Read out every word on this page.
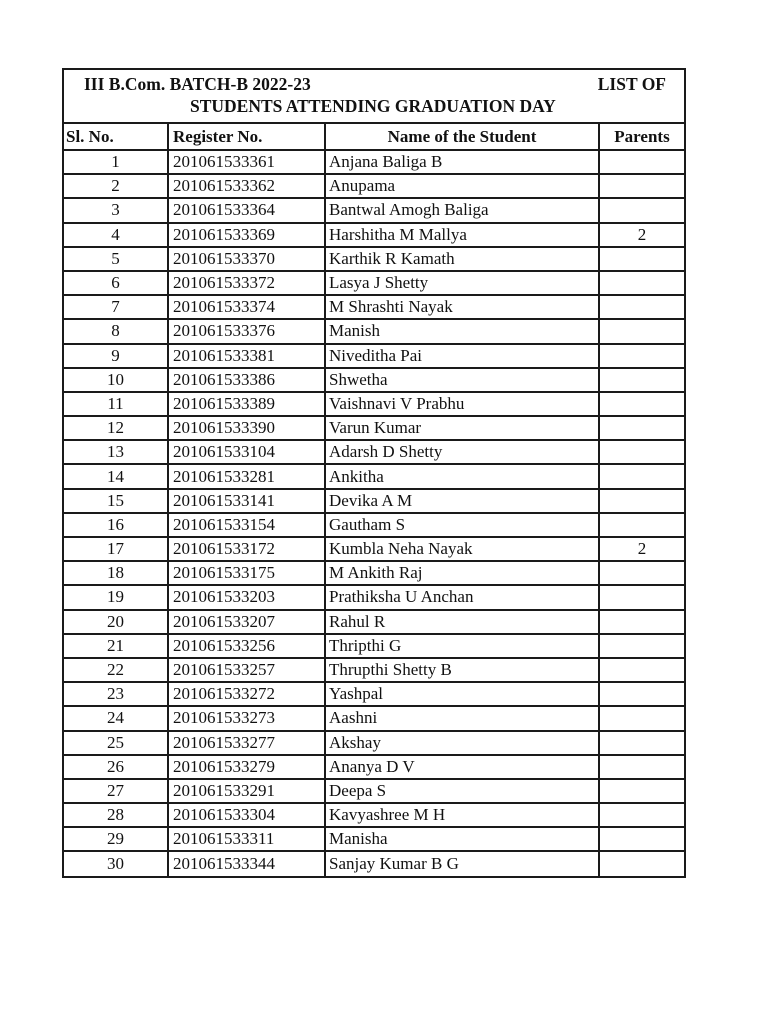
III B.Com. BATCH-B 2022-23	LIST OF
STUDENTS ATTENDING GRADUATION DAY
Sl. No.	Register No.	Name of the Student	Parents
1	201061533361	Anjana Baliga B	
2	201061533362	Anupama	
3	201061533364	Bantwal Amogh Baliga	
4	201061533369	Harshitha M Mallya	2
5	201061533370	Karthik R Kamath	
6	201061533372	Lasya J Shetty	
7	201061533374	M Shrashti Nayak	
8	201061533376	Manish	
9	201061533381	Niveditha Pai	
10	201061533386	Shwetha	
11	201061533389	Vaishnavi V Prabhu	
12	201061533390	Varun Kumar	
13	201061533104	Adarsh D Shetty	
14	201061533281	Ankitha	
15	201061533141	Devika A M	
16	201061533154	Gautham S	
17	201061533172	Kumbla Neha Nayak	2
18	201061533175	M Ankith Raj	
19	201061533203	Prathiksha U Anchan	
20	201061533207	Rahul R	
21	201061533256	Thripthi G	
22	201061533257	Thrupthi Shetty B	
23	201061533272	Yashpal	
24	201061533273	Aashni	
25	201061533277	Akshay	
26	201061533279	Ananya D V	
27	201061533291	Deepa S	
28	201061533304	Kavyashree M H	
29	201061533311	Manisha	
30	201061533344	Sanjay Kumar B G	
